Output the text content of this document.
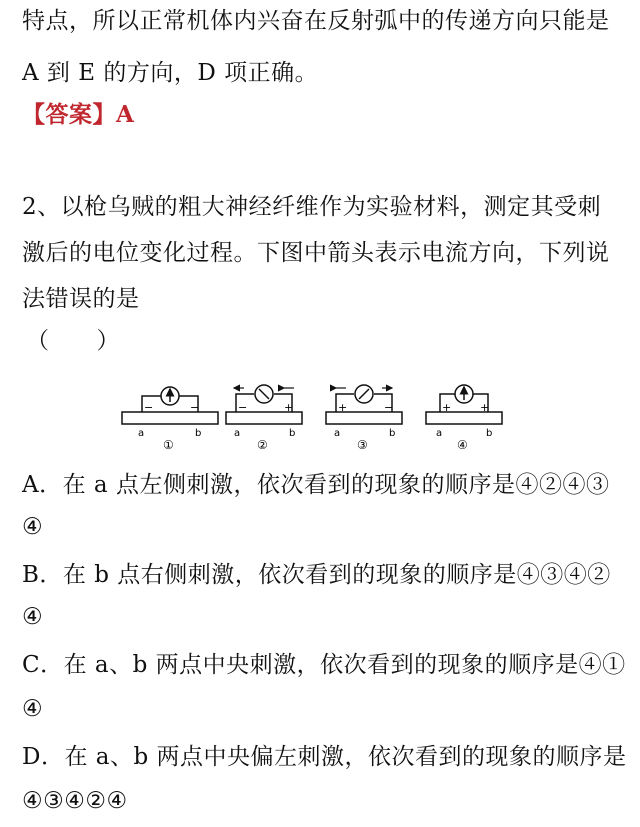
特点，所以正常机体内兴奋在反射弧中的传递方向只能是
A 到 E 的方向，D 项正确。
【答案】A
2、以枪乌贼的粗大神经纤维作为实验材料，测定其受刺
激后的电位变化过程。下图中箭头表示电流方向，下列说
法错误的是
（　　）
−	−
a	b
①
−	+
a	b
②
+	−
a	b
③
+	+
a	b
④
A．在 a 点左侧刺激，依次看到的现象的顺序是④②④③
④
B．在 b 点右侧刺激，依次看到的现象的顺序是④③④②
④
C．在 a、b 两点中央刺激，依次看到的现象的顺序是④①
④
D．在 a、b 两点中央偏左刺激，依次看到的现象的顺序是
④③④②④
